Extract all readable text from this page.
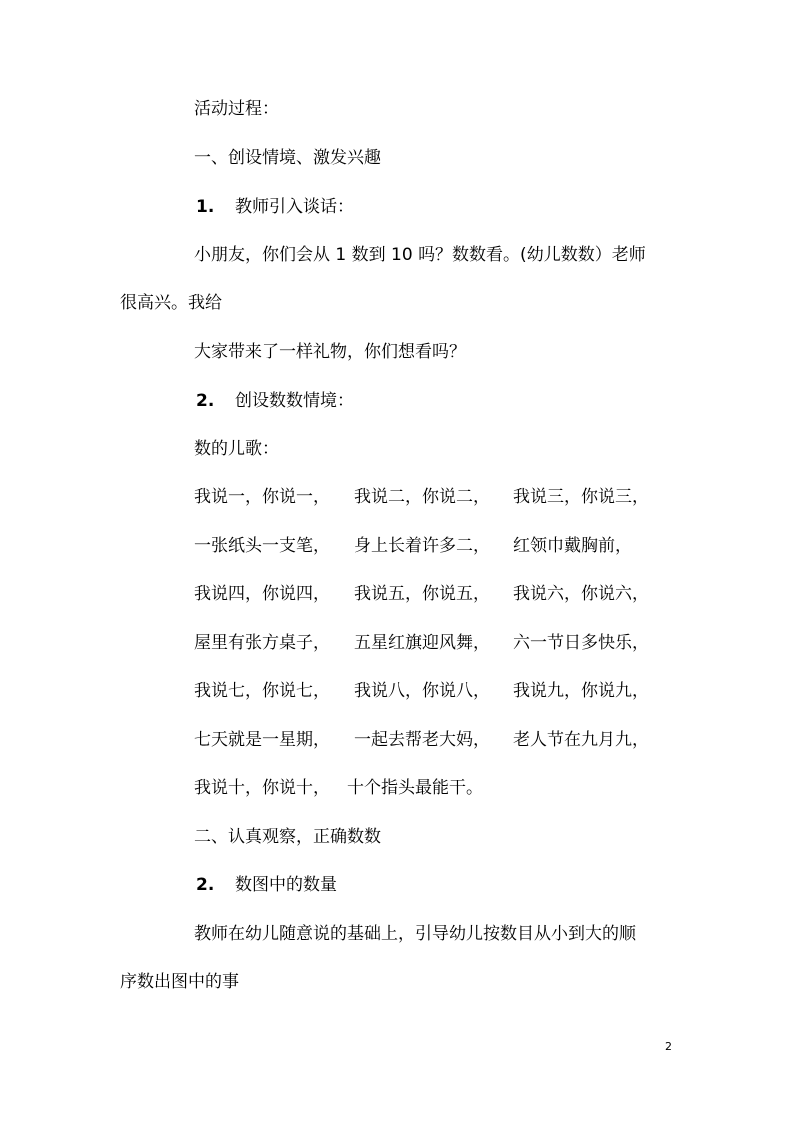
活动过程：
一、创设情境、激发兴趣
1. 教师引入谈话：
小朋友，你们会从 1 数到 10 吗？数数看。(幼儿数数）老师
很高兴。我给
大家带来了一样礼物，你们想看吗？
2. 创设数数情境：
数的儿歌：
我说一，你说一， 我说二，你说二， 我说三，你说三，
一张纸头一支笔， 身上长着许多二， 红领巾戴胸前，
我说四，你说四， 我说五，你说五， 我说六，你说六，
屋里有张方桌子， 五星红旗迎风舞， 六一节日多快乐，
我说七，你说七， 我说八，你说八， 我说九，你说九，
七天就是一星期， 一起去帮老大妈， 老人节在九月九，
我说十，你说十， 十个指头最能干。
二、认真观察，正确数数
2. 数图中的数量
教师在幼儿随意说的基础上，引导幼儿按数目从小到大的顺
序数出图中的事
2
